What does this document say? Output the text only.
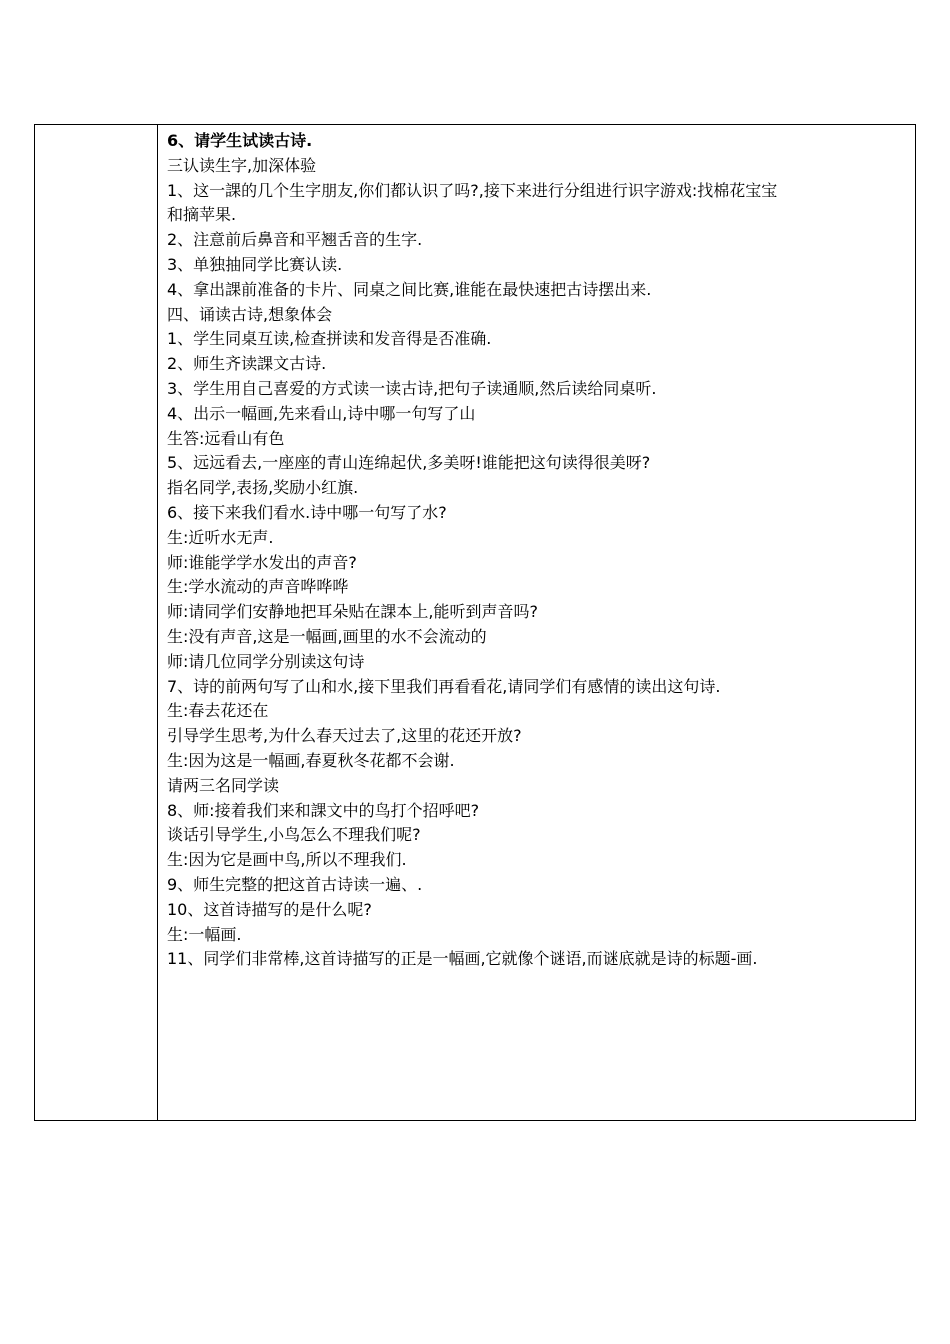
6、请学生试读古诗.

三认读生字,加深体验

1、这一課的几个生字朋友,你们都认识了吗?,接下来进行分组进行识字游戏:找棉花宝宝

和摘苹果.

2、注意前后鼻音和平翘舌音的生字.

3、单独抽同学比赛认读.

4、拿出課前准备的卡片、同桌之间比赛,谁能在最快速把古诗摆出来.

四、诵读古诗,想象体会

1、学生同桌互读,检查拼读和发音得是否准确.

2、师生齐读課文古诗.

3、学生用自己喜爱的方式读一读古诗,把句子读通顺,然后读给同桌听.

4、出示一幅画,先来看山,诗中哪一句写了山

生答:远看山有色

5、远远看去,一座座的青山连绵起伏,多美呀!谁能把这句读得很美呀?

指名同学,表扬,奖励小红旗.

6、接下来我们看水.诗中哪一句写了水?

生:近听水无声.

师:谁能学学水发出的声音?

生:学水流动的声音哗哗哗

师:请同学们安静地把耳朵贴在課本上,能听到声音吗?

生:没有声音,这是一幅画,画里的水不会流动的

师:请几位同学分别读这句诗

7、诗的前两句写了山和水,接下里我们再看看花,请同学们有感情的读出这句诗.

生:春去花还在

引导学生思考,为什么春天过去了,这里的花还开放?

生:因为这是一幅画,春夏秋冬花都不会谢.

请两三名同学读

8、师:接着我们来和課文中的鸟打个招呼吧?

谈话引导学生,小鸟怎么不理我们呢?

生:因为它是画中鸟,所以不理我们.

9、师生完整的把这首古诗读一遍、.

10、这首诗描写的是什么呢?

生:一幅画.

11、同学们非常棒,这首诗描写的正是一幅画,它就像个谜语,而谜底就是诗的标题-画.
